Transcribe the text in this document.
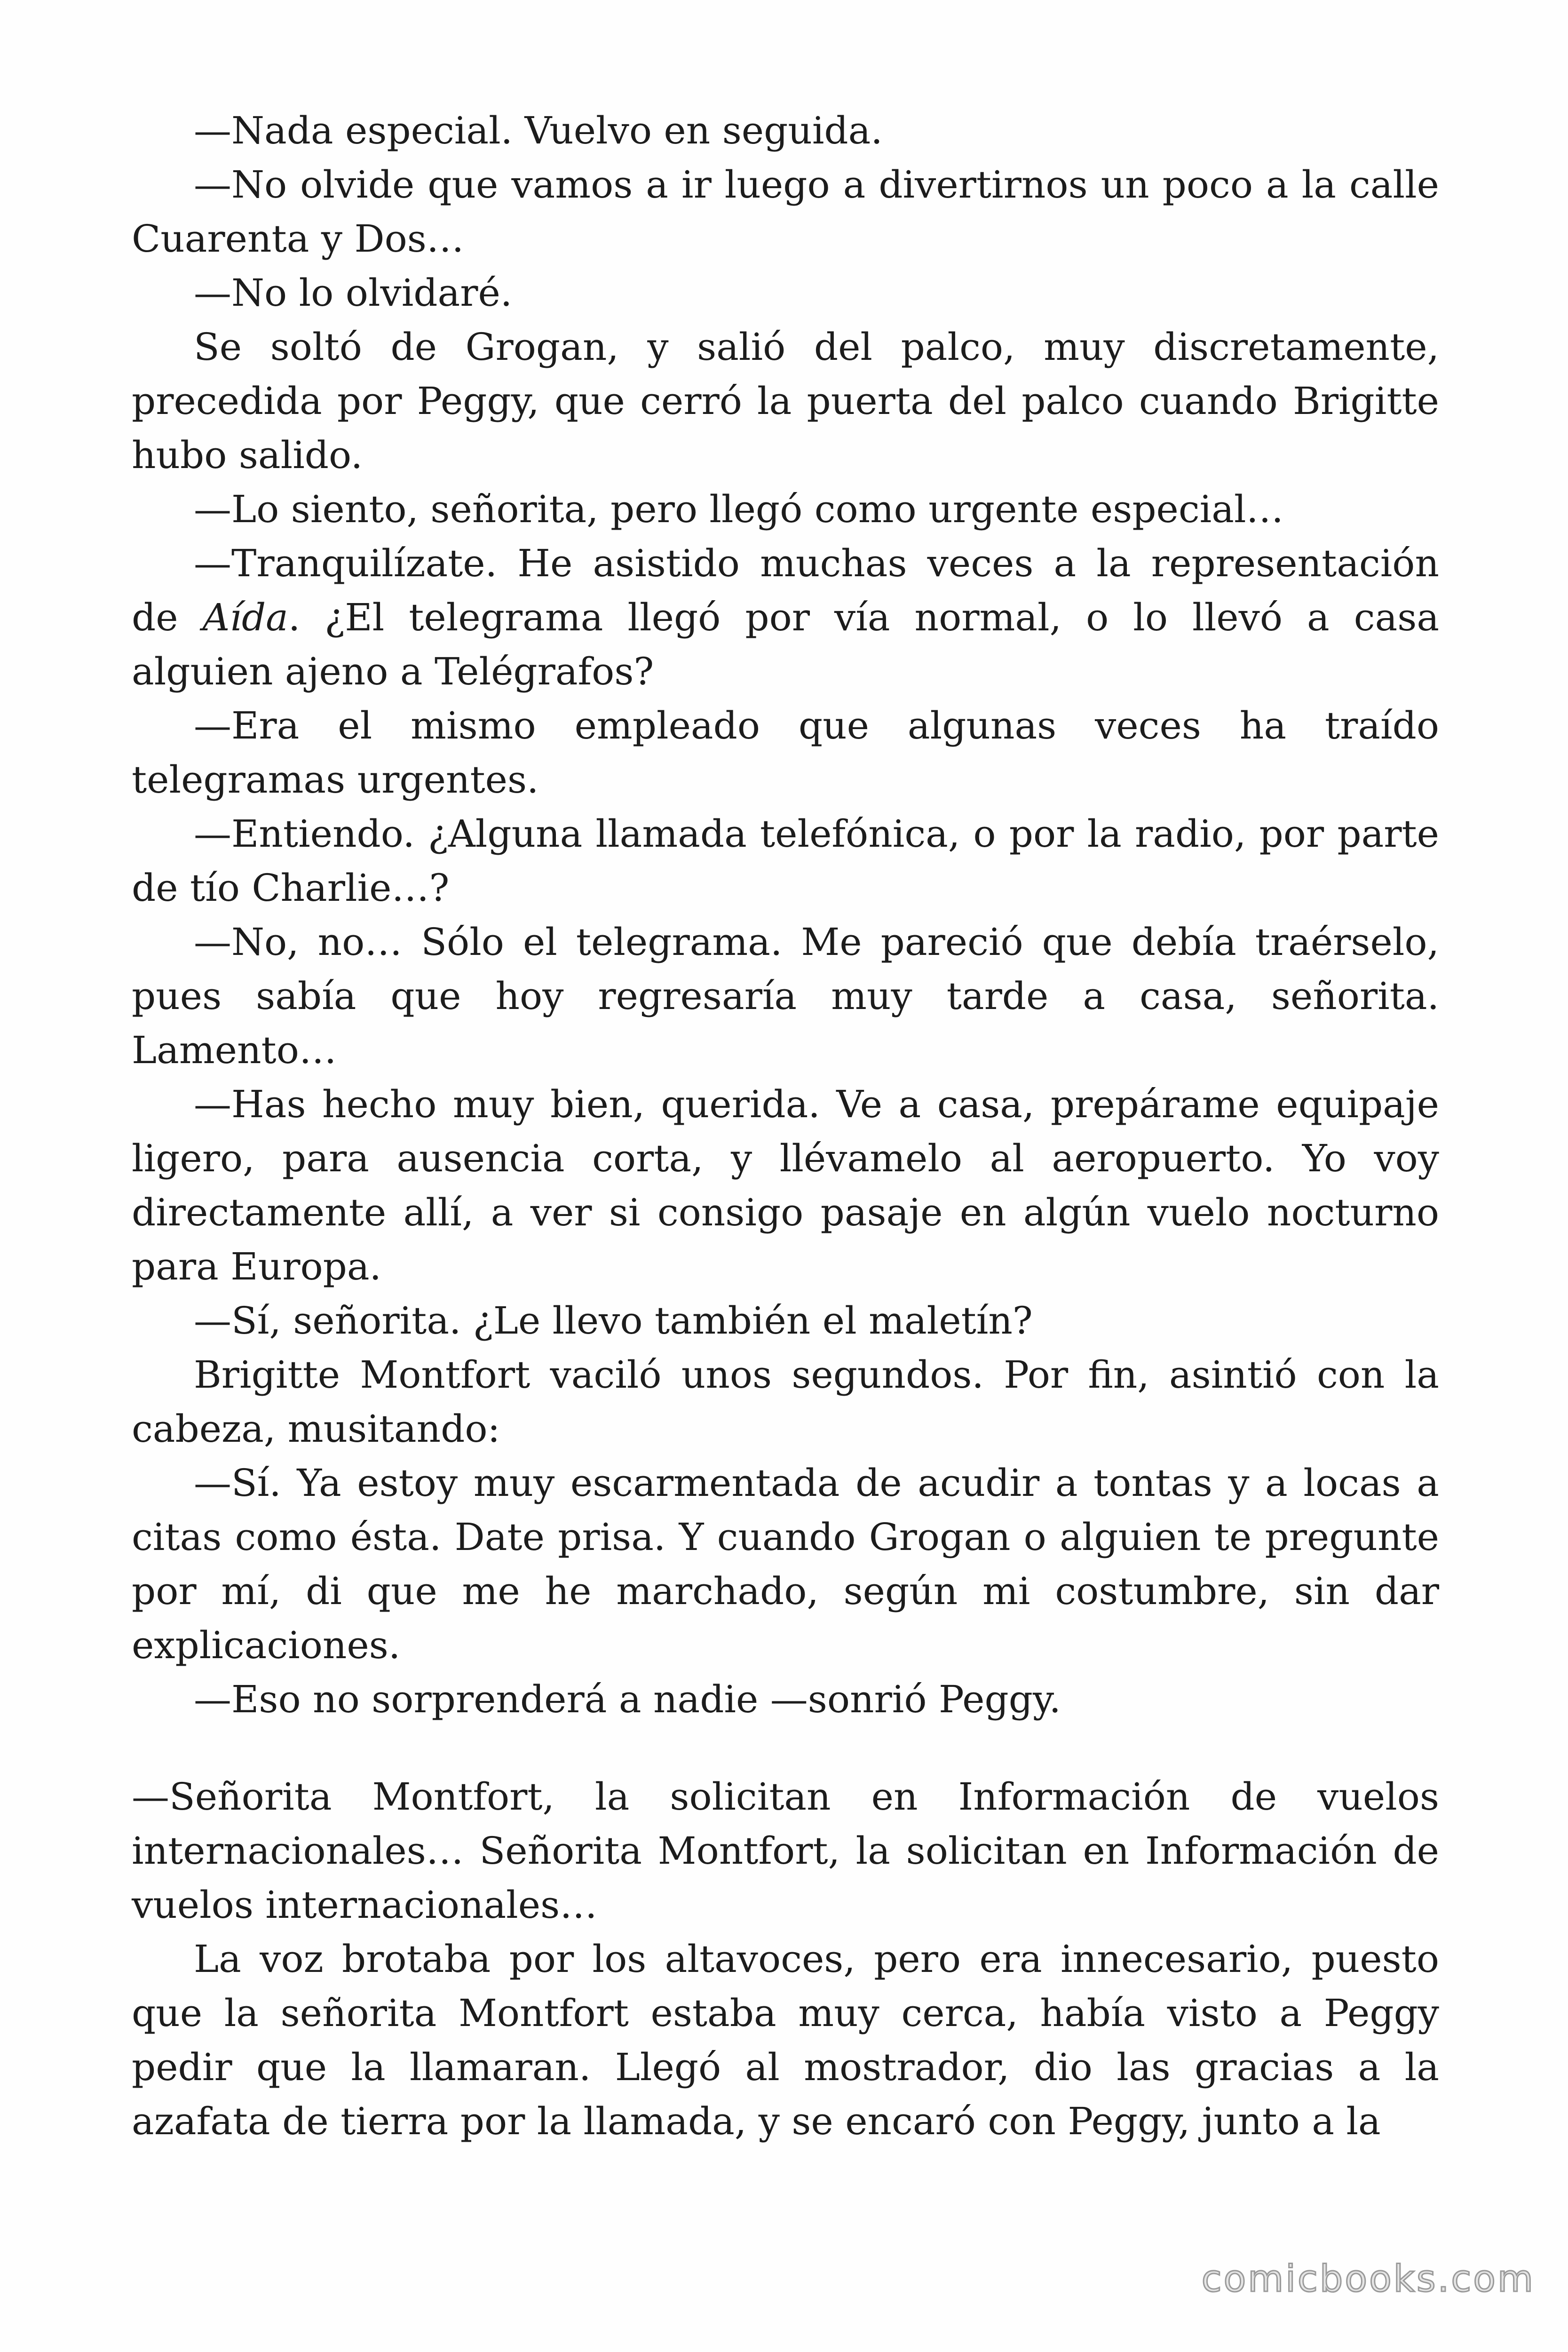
—Nada especial. Vuelvo en seguida.

—No olvide que vamos a ir luego a divertirnos un poco a la calle Cuarenta y Dos…

—No lo olvidaré.

Se soltó de Grogan, y salió del palco, muy discretamente, precedida por Peggy, que cerró la puerta del palco cuando Brigitte hubo salido.

—Lo siento, señorita, pero llegó como urgente especial…

—Tranquilízate. He asistido muchas veces a la representación de Aída. ¿El telegrama llegó por vía normal, o lo llevó a casa alguien ajeno a Telégrafos?

—Era el mismo empleado que algunas veces ha traído telegramas urgentes.

—Entiendo. ¿Alguna llamada telefónica, o por la radio, por parte de tío Charlie…?

—No, no… Sólo el telegrama. Me pareció que debía traérselo, pues sabía que hoy regresaría muy tarde a casa, señorita. Lamento…

—Has hecho muy bien, querida. Ve a casa, prepárame equipaje ligero, para ausencia corta, y llévamelo al aeropuerto. Yo voy directamente allí, a ver si consigo pasaje en algún vuelo nocturno para Europa.

—Sí, señorita. ¿Le llevo también el maletín?

Brigitte Montfort vaciló unos segundos. Por fin, asintió con la cabeza, musitando:

—Sí. Ya estoy muy escarmentada de acudir a tontas y a locas a citas como ésta. Date prisa. Y cuando Grogan o alguien te pregunte por mí, di que me he marchado, según mi costumbre, sin dar explicaciones.

—Eso no sorprenderá a nadie —sonrió Peggy.

—Señorita Montfort, la solicitan en Información de vuelos internacionales… Señorita Montfort, la solicitan en Información de vuelos internacionales…

La voz brotaba por los altavoces, pero era innecesario, puesto que la señorita Montfort estaba muy cerca, había visto a Peggy pedir que la llamaran. Llegó al mostrador, dio las gracias a la azafata de tierra por la llamada, y se encaró con Peggy, junto a la

comicbooks.com
